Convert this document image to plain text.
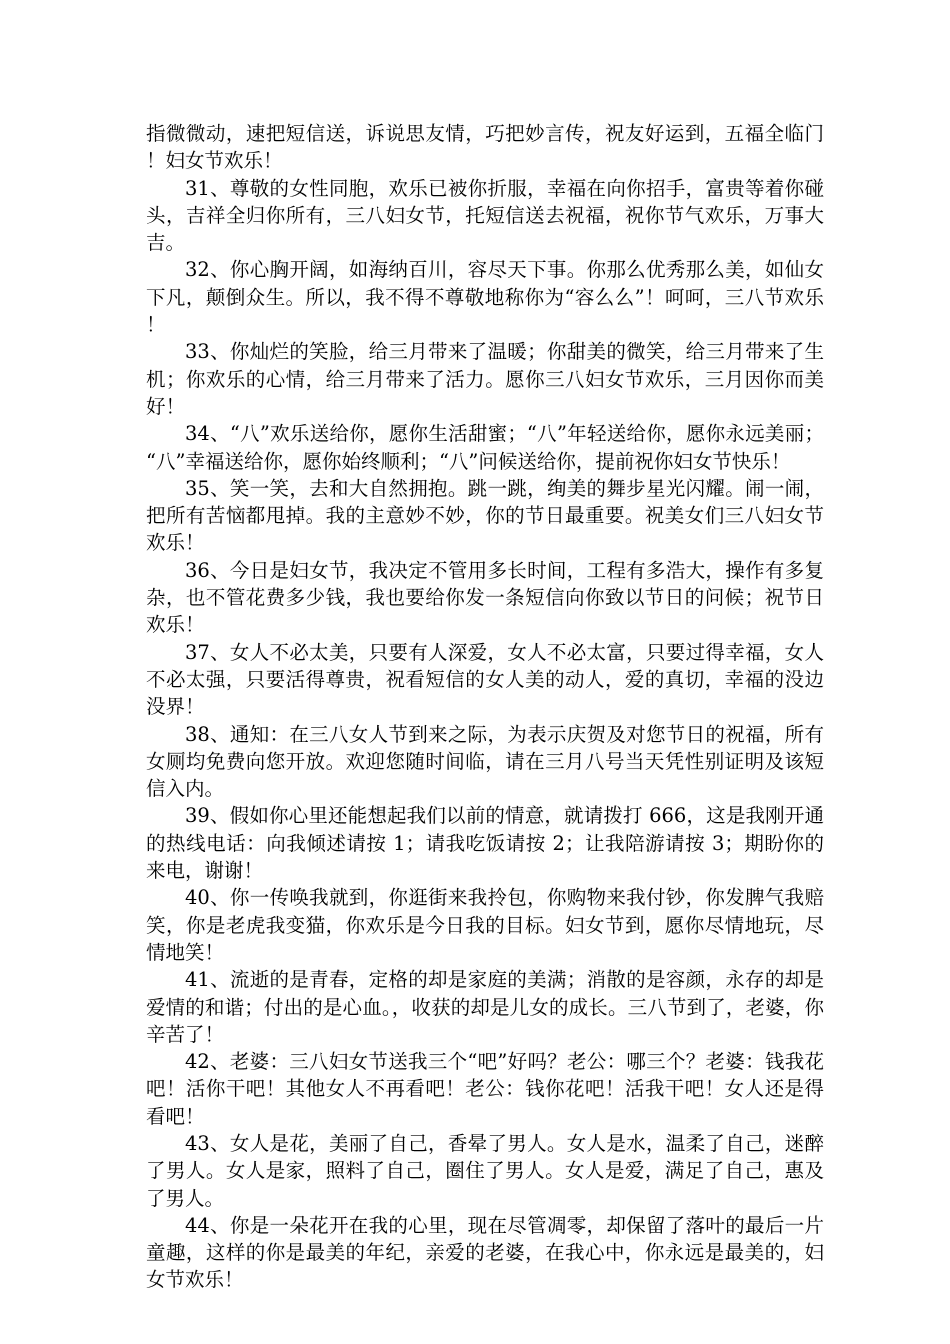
指微微动，速把短信送，诉说思友情，巧把妙言传，祝友好运到，五福全临门！妇女节欢乐！

31、尊敬的女性同胞，欢乐已被你折服，幸福在向你招手，富贵等着你碰头，吉祥全归你所有，三八妇女节，托短信送去祝福，祝你节气欢乐，万事大吉。

32、你心胸开阔，如海纳百川，容尽天下事。你那么优秀那么美，如仙女下凡，颠倒众生。所以，我不得不尊敬地称你为“容么么”！呵呵，三八节欢乐！

33、你灿烂的笑脸，给三月带来了温暖；你甜美的微笑，给三月带来了生机；你欢乐的心情，给三月带来了活力。愿你三八妇女节欢乐，三月因你而美好！

34、“八”欢乐送给你，愿你生活甜蜜；“八”年轻送给你，愿你永远美丽；“八”幸福送给你，愿你始终顺利；“八”问候送给你，提前祝你妇女节快乐！

35、笑一笑，去和大自然拥抱。跳一跳，绚美的舞步星光闪耀。闹一闹，把所有苦恼都甩掉。我的主意妙不妙，你的节日最重要。祝美女们三八妇女节欢乐！

36、今日是妇女节，我决定不管用多长时间，工程有多浩大，操作有多复杂，也不管花费多少钱，我也要给你发一条短信向你致以节日的问候；祝节日欢乐！

37、女人不必太美，只要有人深爱，女人不必太富，只要过得幸福，女人不必太强，只要活得尊贵，祝看短信的女人美的动人，爱的真切，幸福的没边没界！

38、通知：在三八女人节到来之际，为表示庆贺及对您节日的祝福，所有女厕均免费向您开放。欢迎您随时间临，请在三月八号当天凭性别证明及该短信入内。

39、假如你心里还能想起我们以前的情意，就请拨打 666，这是我刚开通的热线电话：向我倾述请按 1；请我吃饭请按 2；让我陪游请按 3；期盼你的来电，谢谢！

40、你一传唤我就到，你逛街来我拎包，你购物来我付钞，你发脾气我赔笑，你是老虎我变猫，你欢乐是今日我的目标。妇女节到，愿你尽情地玩，尽情地笑！

41、流逝的是青春，定格的却是家庭的美满；消散的是容颜，永存的却是爱情的和谐；付出的是心血。，收获的却是儿女的成长。三八节到了，老婆，你辛苦了！

42、老婆：三八妇女节送我三个“吧”好吗？老公：哪三个？老婆：钱我花吧！活你干吧！其他女人不再看吧！老公：钱你花吧！活我干吧！女人还是得看吧！

43、女人是花，美丽了自己，香晕了男人。女人是水，温柔了自己，迷醉了男人。女人是家，照料了自己，圈住了男人。女人是爱，满足了自己，惠及了男人。

44、你是一朵花开在我的心里，现在尽管凋零，却保留了落叶的最后一片童趣，这样的你是最美的年纪，亲爱的老婆，在我心中，你永远是最美的，妇女节欢乐！
